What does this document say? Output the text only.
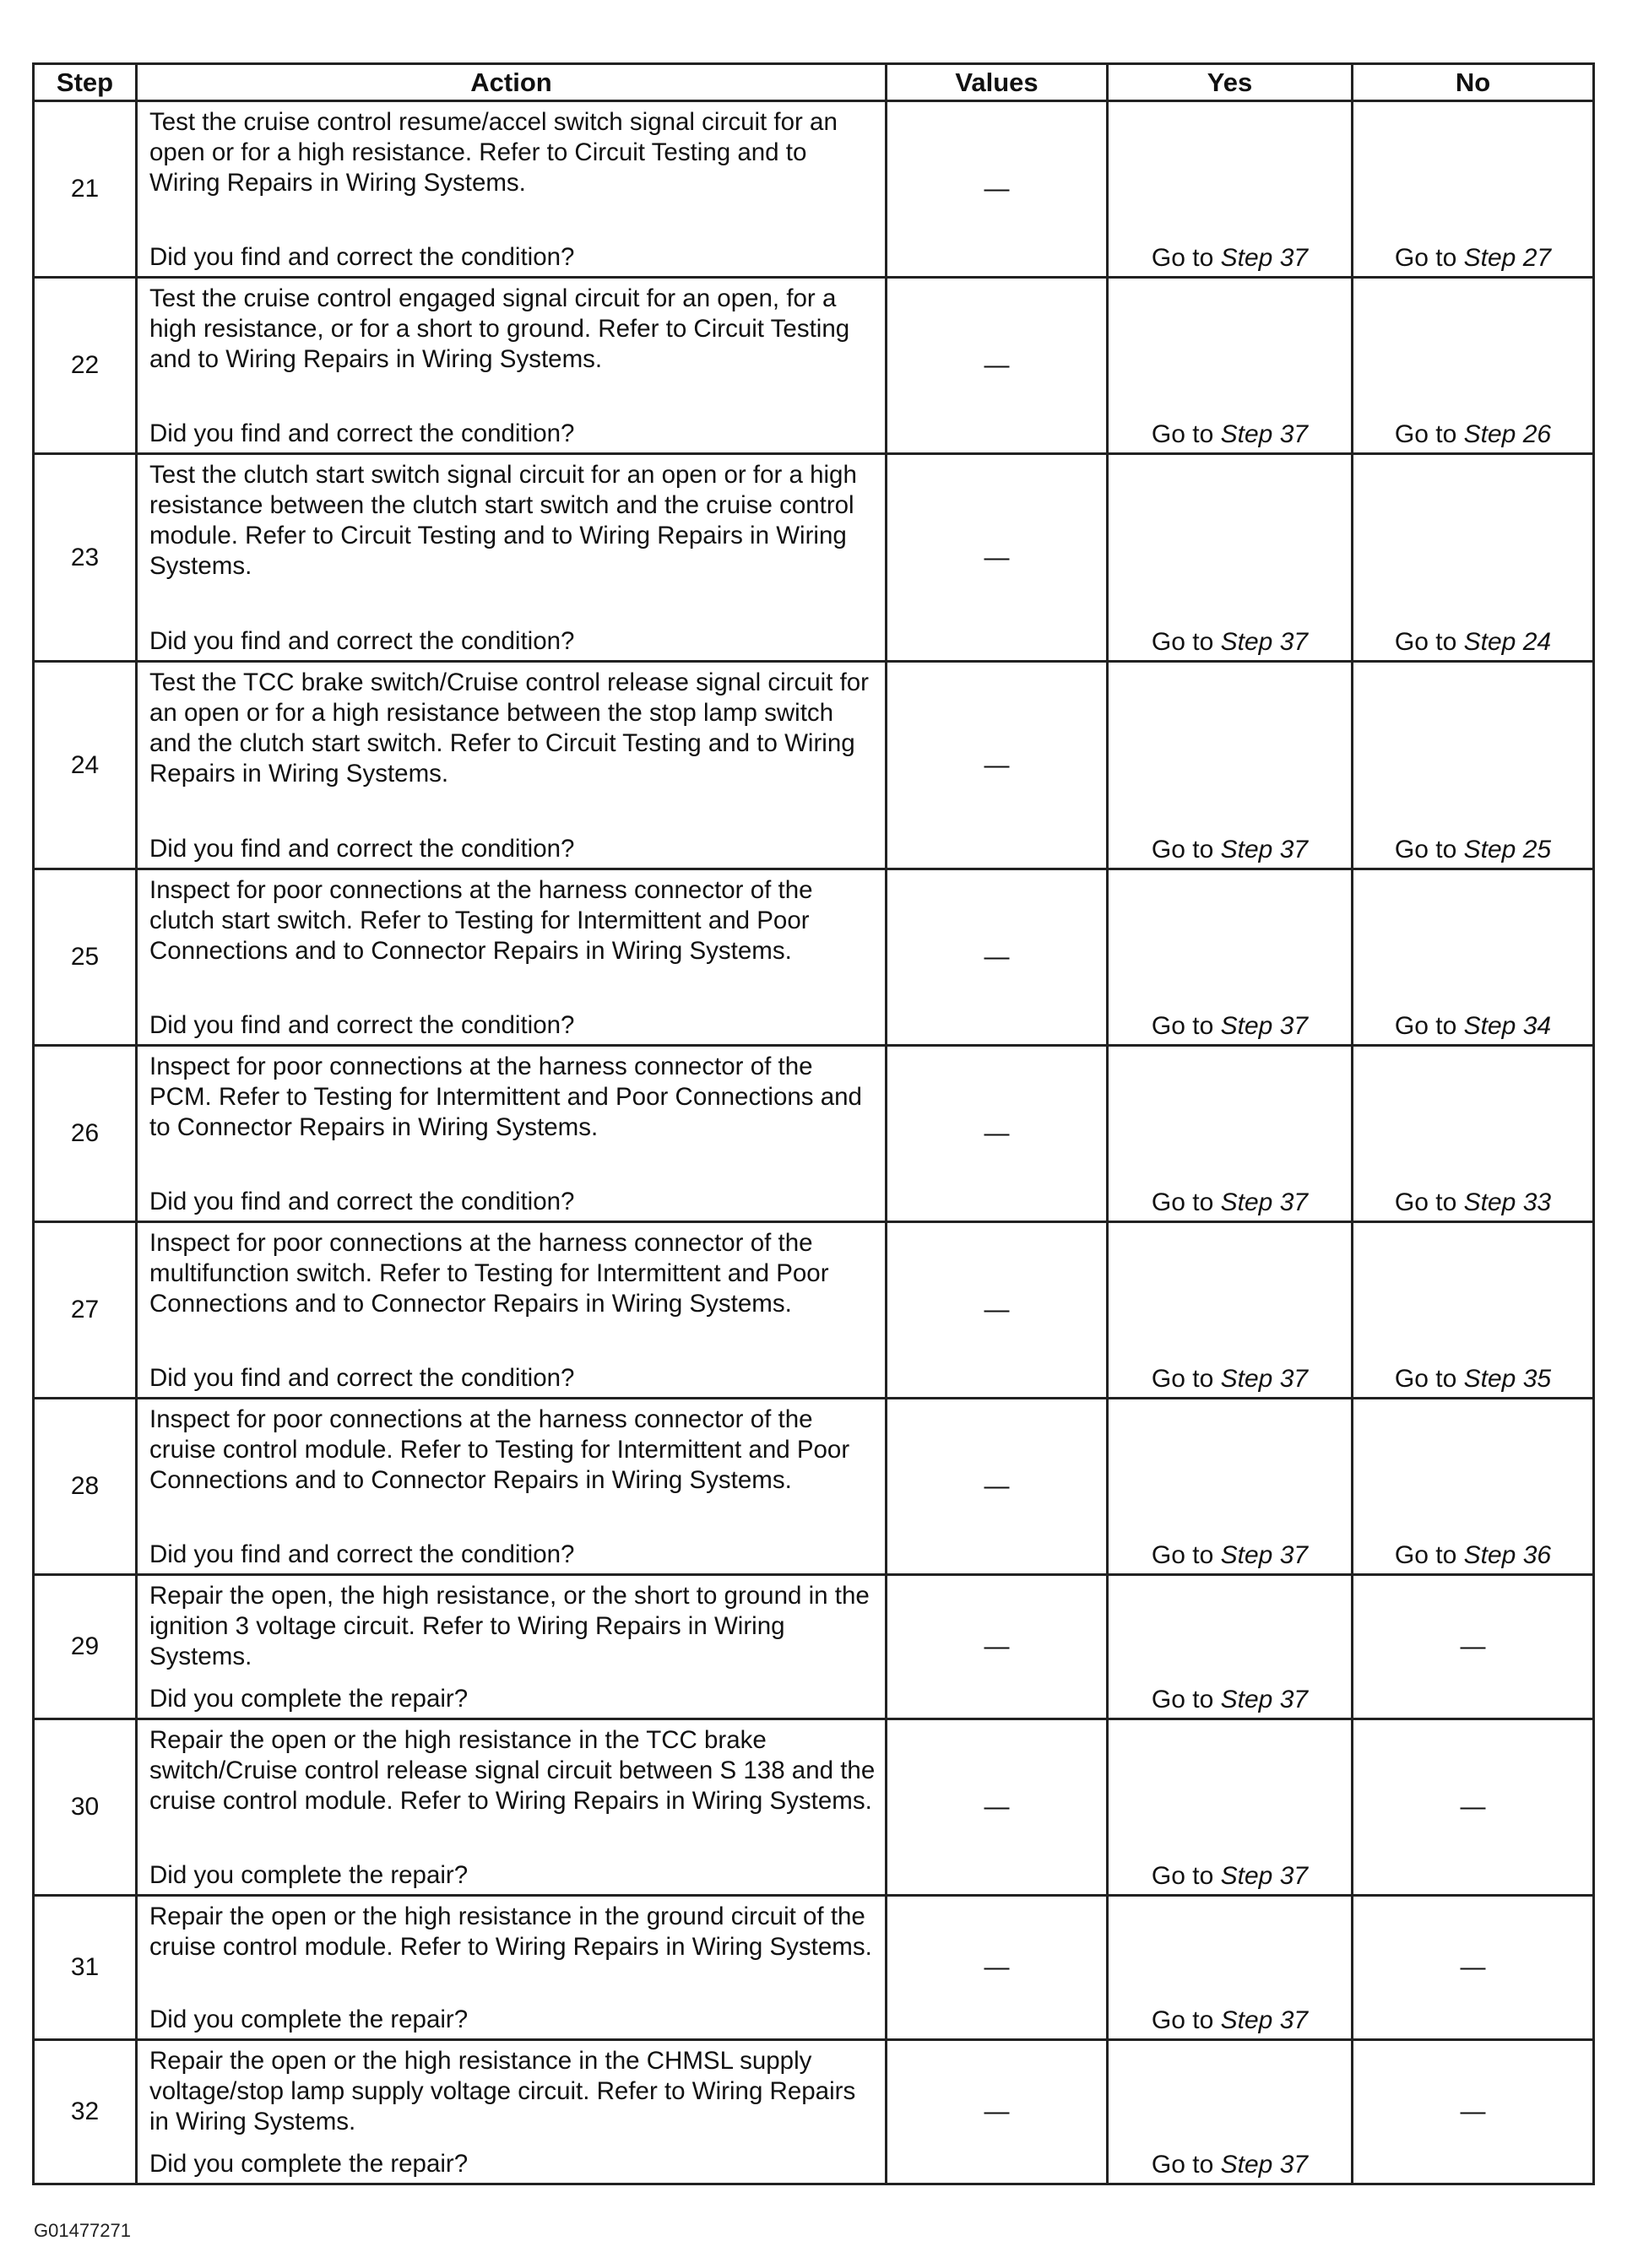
Step	Action	Values	Yes	No
21	Test the cruise control resume/accel switch signal circuit for an open or for a high resistance. Refer to Circuit Testing and to Wiring Repairs in Wiring Systems.
Did you find and correct the condition?	—	Go to Step 37	Go to Step 27

22	Test the cruise control engaged signal circuit for an open, for a high resistance, or for a short to ground. Refer to Circuit Testing and to Wiring Repairs in Wiring Systems.
Did you find and correct the condition?	—	Go to Step 37	Go to Step 26

23	Test the clutch start switch signal circuit for an open or for a high resistance between the clutch start switch and the cruise control module. Refer to Circuit Testing and to Wiring Repairs in Wiring Systems.
Did you find and correct the condition?	—	Go to Step 37	Go to Step 24

24	Test the TCC brake switch/Cruise control release signal circuit for an open or for a high resistance between the stop lamp switch and the clutch start switch. Refer to Circuit Testing and to Wiring Repairs in Wiring Systems.
Did you find and correct the condition?	—	Go to Step 37	Go to Step 25

25	Inspect for poor connections at the harness connector of the clutch start switch. Refer to Testing for Intermittent and Poor Connections and to Connector Repairs in Wiring Systems.
Did you find and correct the condition?	—	Go to Step 37	Go to Step 34

26	Inspect for poor connections at the harness connector of the PCM. Refer to Testing for Intermittent and Poor Connections and to Connector Repairs in Wiring Systems.
Did you find and correct the condition?	—	Go to Step 37	Go to Step 33

27	Inspect for poor connections at the harness connector of the multifunction switch. Refer to Testing for Intermittent and Poor Connections and to Connector Repairs in Wiring Systems.
Did you find and correct the condition?	—	Go to Step 37	Go to Step 35

28	Inspect for poor connections at the harness connector of the cruise control module. Refer to Testing for Intermittent and Poor Connections and to Connector Repairs in Wiring Systems.
Did you find and correct the condition?	—	Go to Step 37	Go to Step 36

29	Repair the open, the high resistance, or the short to ground in the ignition 3 voltage circuit. Refer to Wiring Repairs in Wiring Systems.
Did you complete the repair?	—	Go to Step 37	—

30	Repair the open or the high resistance in the TCC brake switch/Cruise control release signal circuit between S 138 and the cruise control module. Refer to Wiring Repairs in Wiring Systems.
Did you complete the repair?	—	Go to Step 37	—

31	Repair the open or the high resistance in the ground circuit of the cruise control module. Refer to Wiring Repairs in Wiring Systems.
Did you complete the repair?	—	Go to Step 37	—

32	Repair the open or the high resistance in the CHMSL supply voltage/stop lamp supply voltage circuit. Refer to Wiring Repairs in Wiring Systems.
Did you complete the repair?	—	Go to Step 37	—
G01477271
